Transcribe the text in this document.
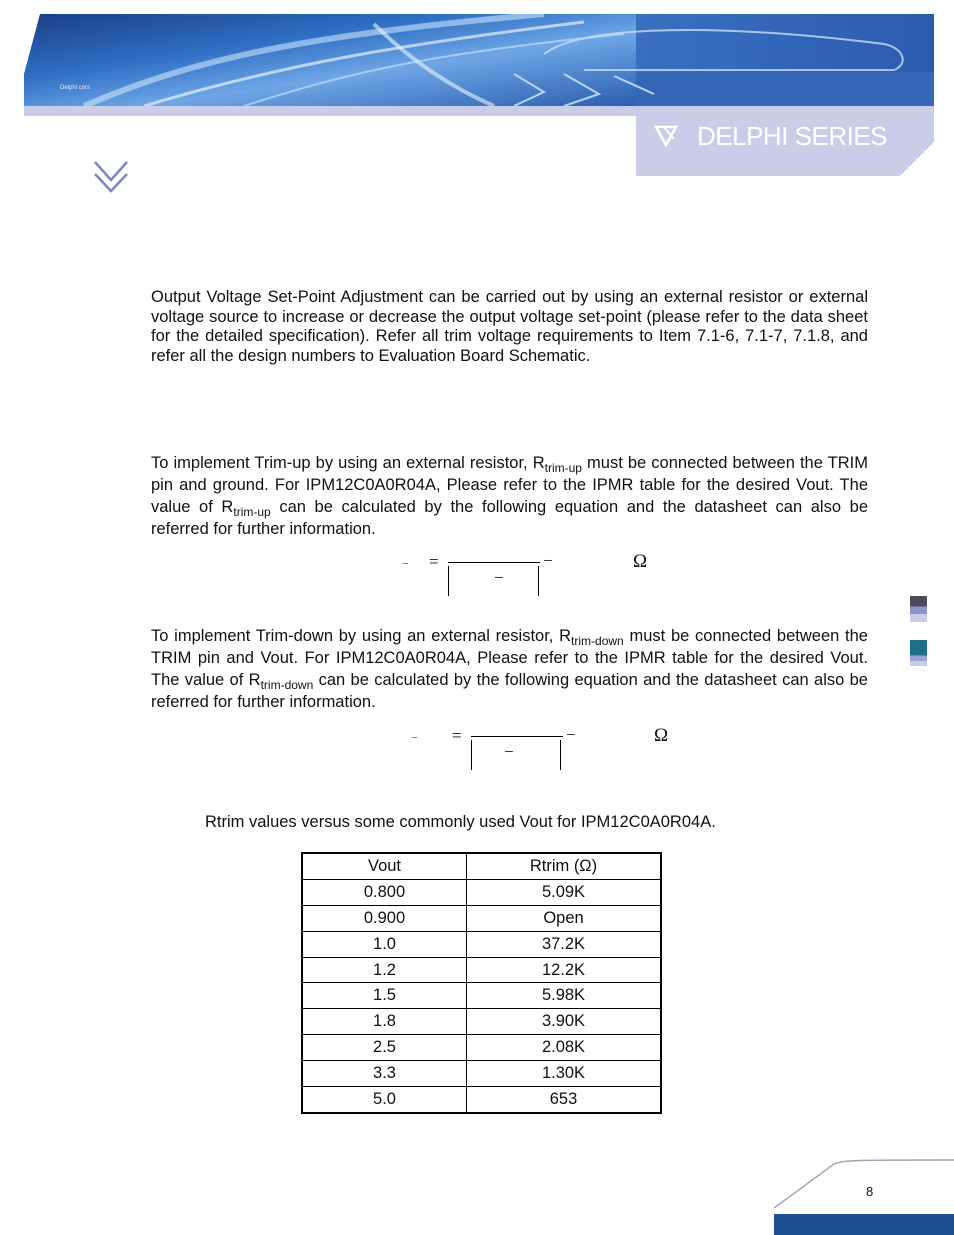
Delphi cors
DELPHI SERIES

Output Voltage Set-Point Adjustment can be carried out by using an external resistor or external voltage source to increase or decrease the output voltage set-point (please refer to the data sheet for the detailed specification). Refer all trim voltage requirements to Item 7.1-6, 7.1-7, 7.1.8, and refer all the design numbers to Evaluation Board Schematic.

To implement Trim-up by using an external resistor, $R_{trim-up}$ must be connected between the TRIM pin and ground. For IPM12C0A0R04A, Please refer to the IPMR table for the desired Vout. The value of $R_{trim-up}$ can be calculated by the following equation and the datasheet can also be referred for further information.

_ =
−
−	Ω

To implement Trim-down by using an external resistor, $R_{trim-down}$ must be connected between the TRIM pin and Vout. For IPM12C0A0R04A, Please refer to the IPMR table for the desired Vout. The value of $R_{trim-down}$ can be calculated by the following equation and the datasheet can also be referred for further information.

_ =
−
−	Ω
Rtrim values versus some commonly used Vout for IPM12C0A0R04A.
Vout	Rtrim (Ω)
0.800	5.09K
0.900	Open
1.0	37.2K
1.2	12.2K
1.5	5.98K
1.8	3.90K
2.5	2.08K
3.3	1.30K
5.0	653
8
